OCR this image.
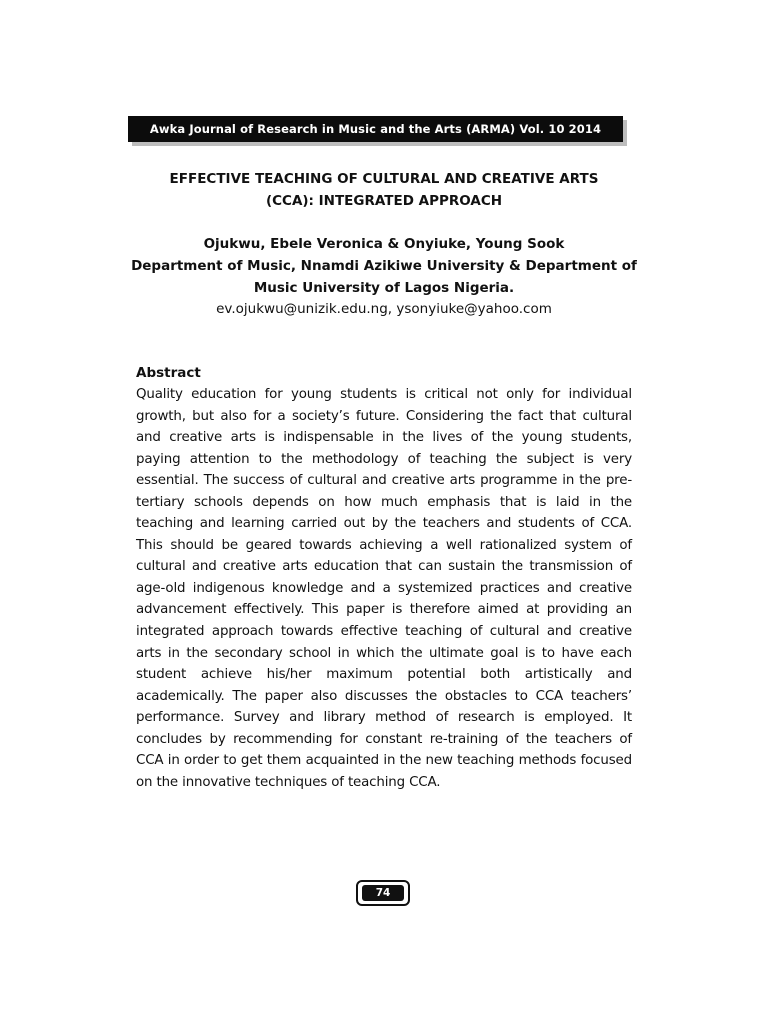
Awka Journal of Research in Music and the Arts (ARMA) Vol. 10 2014
EFFECTIVE TEACHING OF CULTURAL AND CREATIVE ARTS
(CCA): INTEGRATED APPROACH
Ojukwu, Ebele Veronica & Onyiuke, Young Sook
Department of Music, Nnamdi Azikiwe University & Department of
Music University of Lagos Nigeria.
ev.ojukwu@unizik.edu.ng, ysonyiuke@yahoo.com
Abstract
Quality education for young students is critical not only for individual growth, but also for a society’s future. Considering the fact that cultural and creative arts is indispensable in the lives of the young students, paying attention to the methodology of teaching the subject is very essential. The success of cultural and creative arts programme in the pre-tertiary schools depends on how much emphasis that is laid in the teaching and learning carried out by the teachers and students of CCA. This should be geared towards achieving a well rationalized system of cultural and creative arts education that can sustain the transmission of age-old indigenous knowledge and a systemized practices and creative advancement effectively. This paper is therefore aimed at providing an integrated approach towards effective teaching of cultural and creative arts in the secondary school in which the ultimate goal is to have each student achieve his/her maximum potential both artistically and academically. The paper also discusses the obstacles to CCA teachers’ performance. Survey and library method of research is employed. It concludes by recommending for constant re-training of the teachers of CCA in order to get them acquainted in the new teaching methods focused on the innovative techniques of teaching CCA.
74
